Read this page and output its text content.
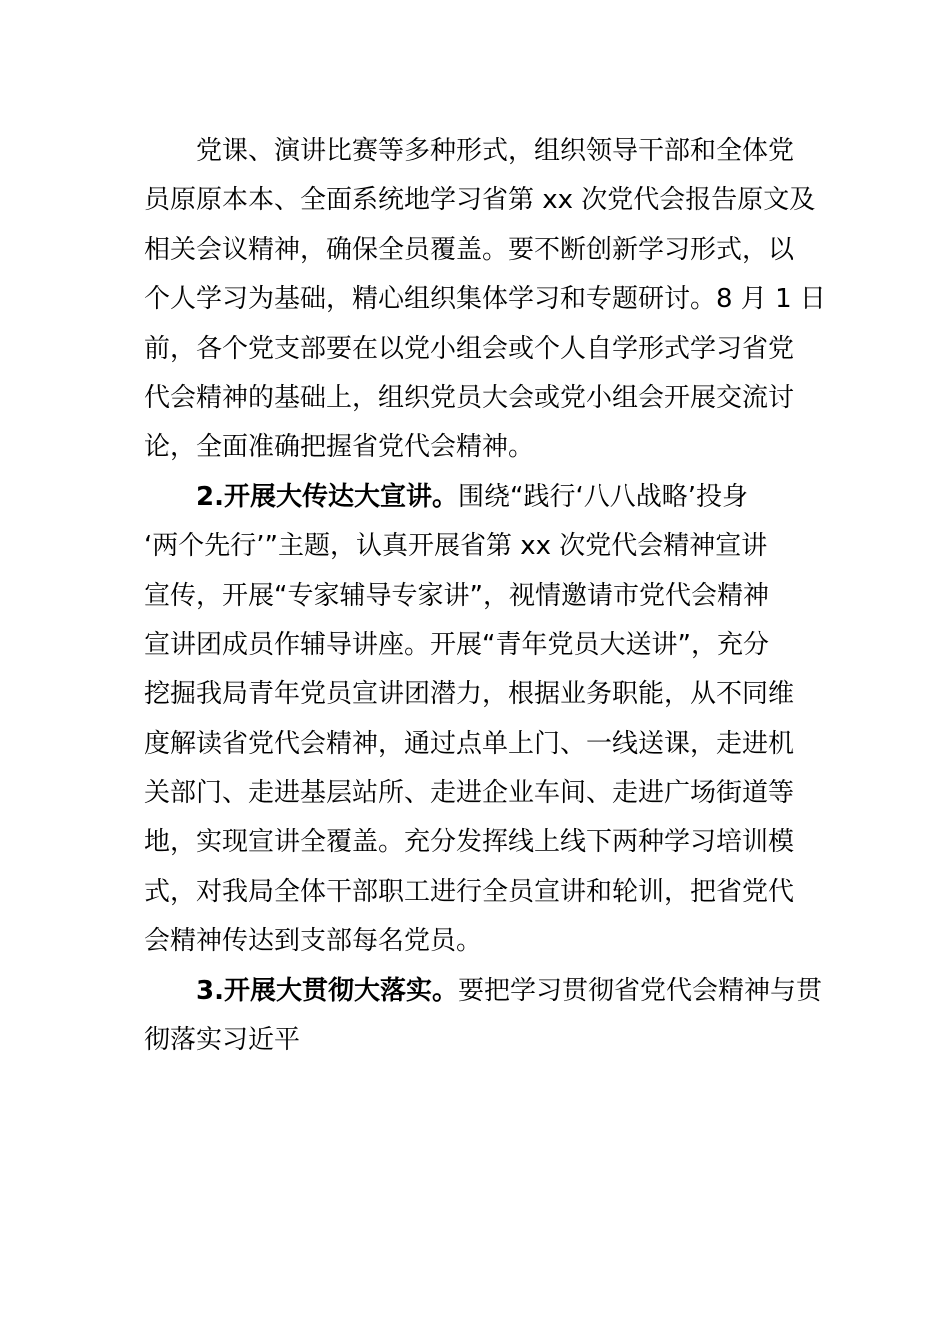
党课、演讲比赛等多种形式，组织领导干部和全体党
员原原本本、全面系统地学习省第 xx 次党代会报告原文及
相关会议精神，确保全员覆盖。要不断创新学习形式，以
个人学习为基础，精心组织集体学习和专题研讨。8 月 1 日
前，各个党支部要在以党小组会或个人自学形式学习省党
代会精神的基础上，组织党员大会或党小组会开展交流讨
论，全面准确把握省党代会精神。
2.开展大传达大宣讲。围绕“践行‘八八战略’投身
‘两个先行’”主题，认真开展省第 xx 次党代会精神宣讲
宣传，开展“专家辅导专家讲”，视情邀请市党代会精神
宣讲团成员作辅导讲座。开展“青年党员大送讲”，充分
挖掘我局青年党员宣讲团潜力，根据业务职能，从不同维
度解读省党代会精神，通过点单上门、一线送课，走进机
关部门、走进基层站所、走进企业车间、走进广场街道等
地，实现宣讲全覆盖。充分发挥线上线下两种学习培训模
式，对我局全体干部职工进行全员宣讲和轮训，把省党代
会精神传达到支部每名党员。
3.开展大贯彻大落实。要把学习贯彻省党代会精神与贯
彻落实习近平
